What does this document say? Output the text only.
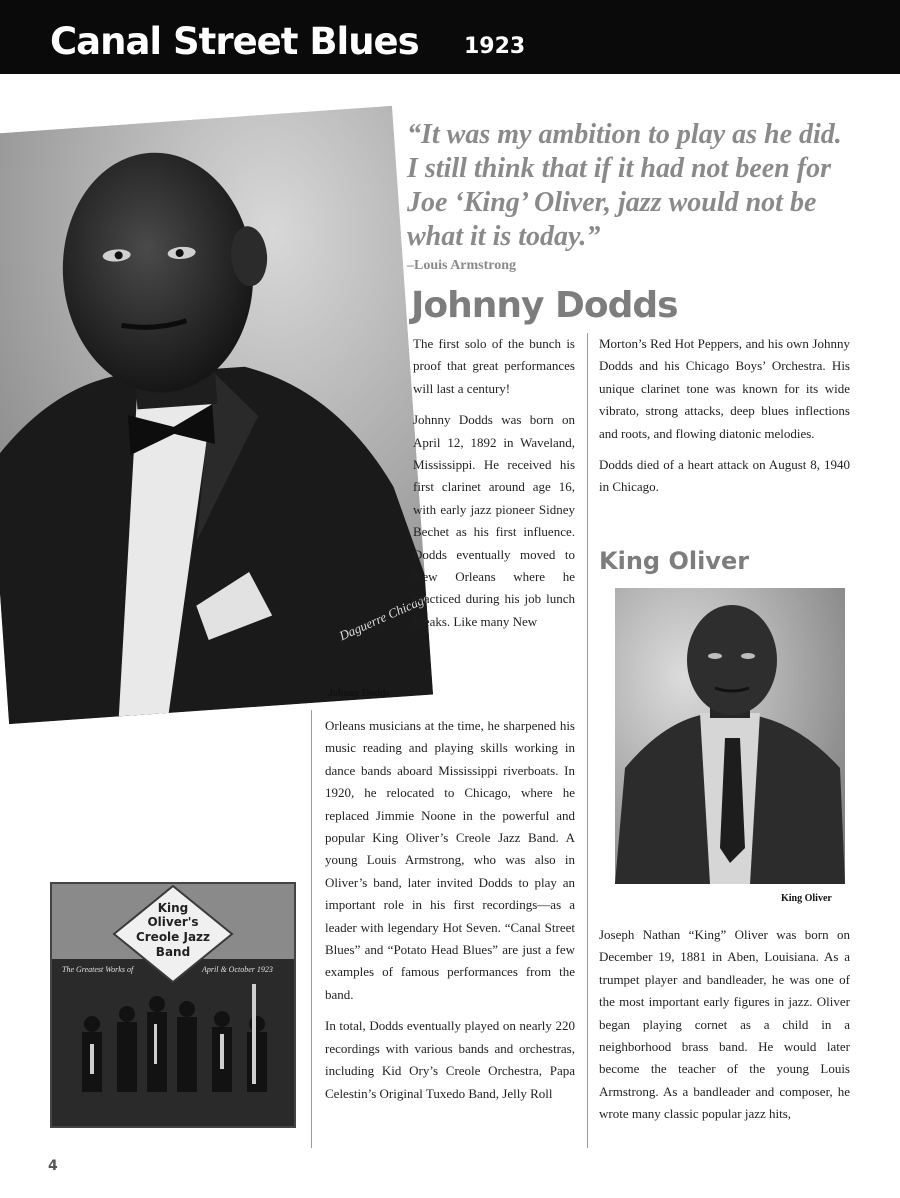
Canal Street Blues 1923
Daguerre Chicago
Johnny Dodds
“It was my ambition to play as he did. I still think that if it had not been for Joe ‘King’ Oliver, jazz would not be what it is today.”
–Louis Armstrong
Johnny Dodds

The first solo of the bunch is proof that great performances will last a century!

Johnny Dodds was born on April 12, 1892 in Waveland, Mississippi. He received his first clarinet around age 16, with early jazz pioneer Sidney Bechet as his first influence. Dodds eventually moved to New Orleans where he practiced during his job lunch breaks. Like many New

Orleans musicians at the time, he sharpened his music reading and playing skills working in dance bands aboard Mississippi riverboats. In 1920, he relocated to Chicago, where he replaced Jimmie Noone in the powerful and popular King Oliver’s Creole Jazz Band. A young Louis Armstrong, who was also in Oliver’s band, later invited Dodds to play an important role in his first recordings—as a leader with legendary Hot Seven. “Canal Street Blues” and “Potato Head Blues” are just a few examples of famous performances from the band.

In total, Dodds eventually played on nearly 220 recordings with various bands and orchestras, including Kid Ory’s Creole Orchestra, Papa Celestin’s Original Tuxedo Band, Jelly Roll

Morton’s Red Hot Peppers, and his own Johnny Dodds and his Chicago Boys’ Orchestra. His unique clarinet tone was known for its wide vibrato, strong attacks, deep blues inflections and roots, and flowing diatonic melodies.

Dodds died of a heart attack on August 8, 1940 in Chicago.

King Oliver
King Oliver

Joseph Nathan “King” Oliver was born on December 19, 1881 in Aben, Louisiana. As a trumpet player and bandleader, he was one of the most important early figures in jazz. Oliver began playing cornet as a child in a neighborhood brass band. He would later become the teacher of the young Louis Armstrong. As a bandleader and composer, he wrote many classic popular jazz hits,

The Greatest Works of	April & October 1923
King
Oliver's
Creole Jazz
Band
4
